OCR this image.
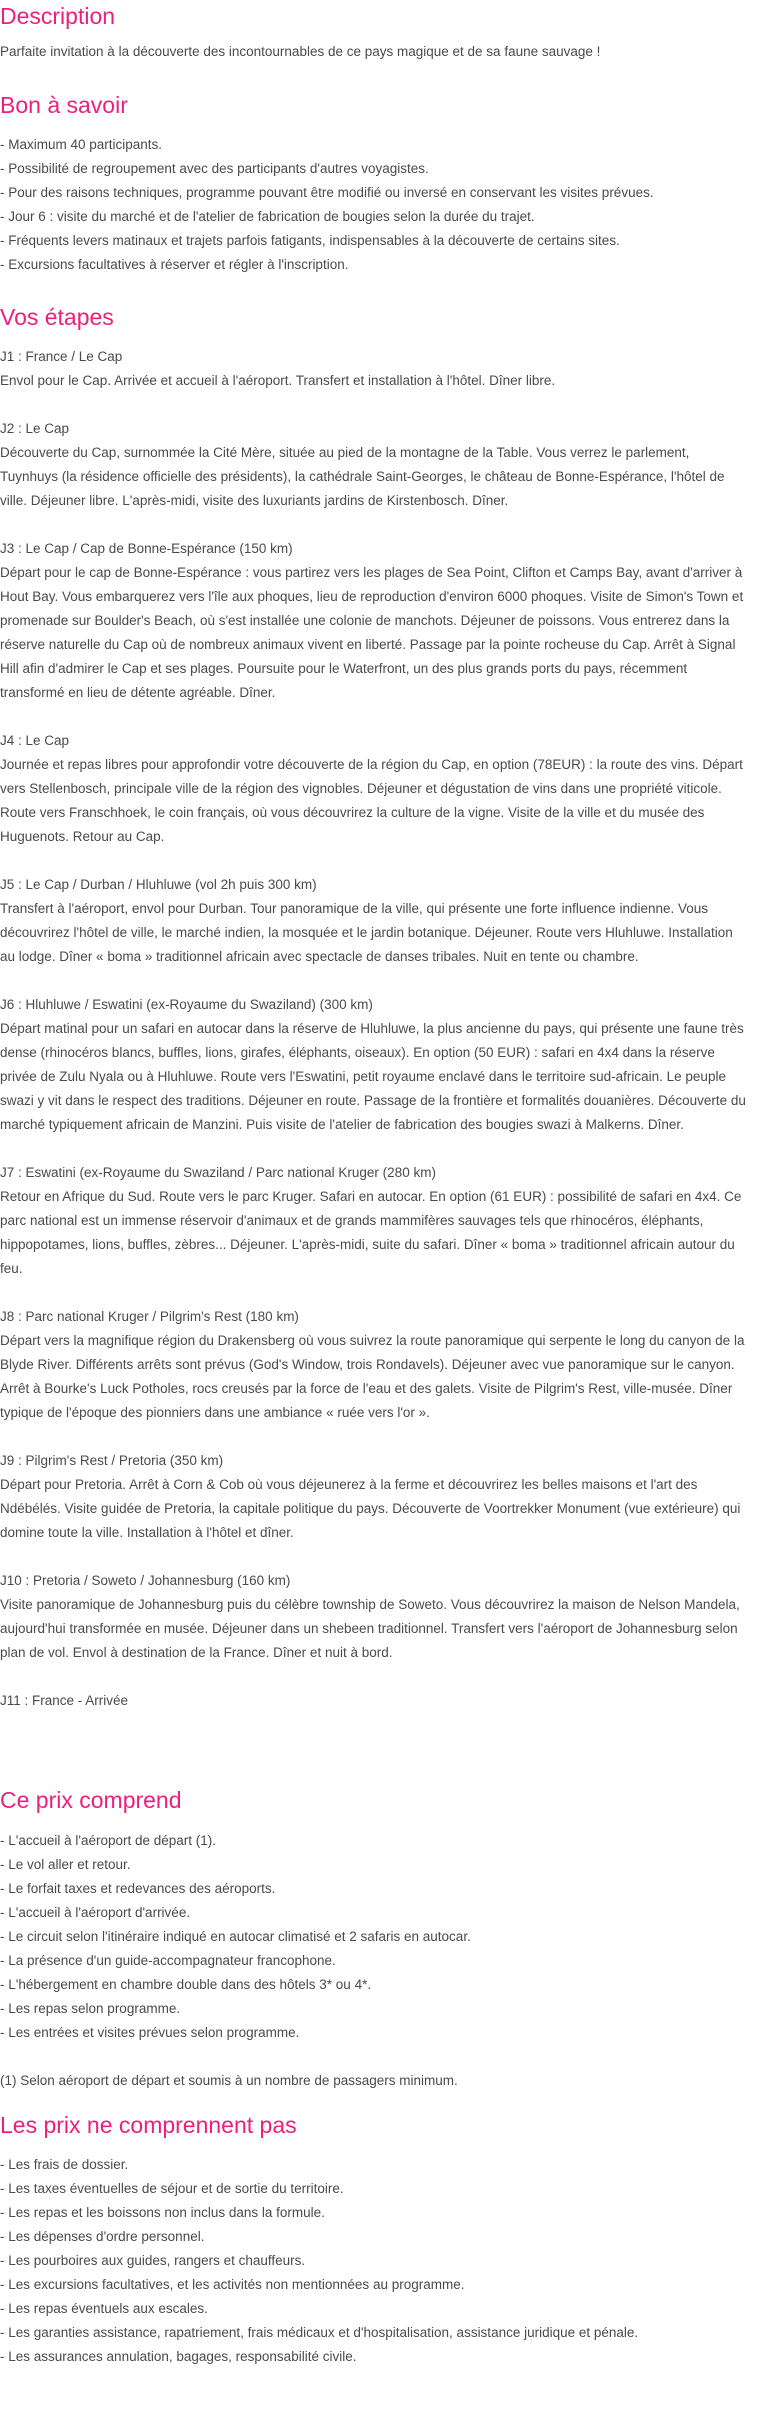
Description

Parfaite invitation à la découverte des incontournables de ce pays magique et de sa faune sauvage !

Bon à savoir
- Maximum 40 participants.
- Possibilité de regroupement avec des participants d'autres voyagistes.
- Pour des raisons techniques, programme pouvant être modifié ou inversé en conservant les visites prévues.
- Jour 6 : visite du marché et de l'atelier de fabrication de bougies selon la durée du trajet.
- Fréquents levers matinaux et trajets parfois fatigants, indispensables à la découverte de certains sites.
- Excursions facultatives à réserver et régler à l'inscription.
Vos étapes
J1 : France / Le Cap

Envol pour le Cap. Arrivée et accueil à l'aéroport. Transfert et installation à l'hôtel. Dîner libre.

J2 : Le Cap

Découverte du Cap, surnommée la Cité Mère, située au pied de la montagne de la Table. Vous verrez le parlement, Tuynhuys (la résidence officielle des présidents), la cathédrale Saint-Georges, le château de Bonne-Espérance, l'hôtel de ville. Déjeuner libre. L'après-midi, visite des luxuriants jardins de Kirstenbosch. Dîner.

J3 : Le Cap / Cap de Bonne-Espérance (150 km)

Départ pour le cap de Bonne-Espérance : vous partirez vers les plages de Sea Point, Clifton et Camps Bay, avant d'arriver à Hout Bay. Vous embarquerez vers l'île aux phoques, lieu de reproduction d'environ 6000 phoques. Visite de Simon's Town et promenade sur Boulder's Beach, où s'est installée une colonie de manchots. Déjeuner de poissons. Vous entrerez dans la réserve naturelle du Cap où de nombreux animaux vivent en liberté. Passage par la pointe rocheuse du Cap. Arrêt à Signal Hill afin d'admirer le Cap et ses plages. Poursuite pour le Waterfront, un des plus grands ports du pays, récemment transformé en lieu de détente agréable. Dîner.

J4 : Le Cap

Journée et repas libres pour approfondir votre découverte de la région du Cap, en option (78EUR) : la route des vins. Départ vers Stellenbosch, principale ville de la région des vignobles. Déjeuner et dégustation de vins dans une propriété viticole. Route vers Franschhoek, le coin français, où vous découvrirez la culture de la vigne. Visite de la ville et du musée des Huguenots. Retour au Cap.

J5 : Le Cap / Durban / Hluhluwe (vol 2h puis 300 km)

Transfert à l'aéroport, envol pour Durban. Tour panoramique de la ville, qui présente une forte influence indienne. Vous découvrirez l'hôtel de ville, le marché indien, la mosquée et le jardin botanique. Déjeuner. Route vers Hluhluwe. Installation au lodge. Dîner « boma » traditionnel africain avec spectacle de danses tribales. Nuit en tente ou chambre.

J6 : Hluhluwe / Eswatini (ex-Royaume du Swaziland) (300 km)

Départ matinal pour un safari en autocar dans la réserve de Hluhluwe, la plus ancienne du pays, qui présente une faune très dense (rhinocéros blancs, buffles, lions, girafes, éléphants, oiseaux). En option (50 EUR) : safari en 4x4 dans la réserve privée de Zulu Nyala ou à Hluhluwe. Route vers l'Eswatini, petit royaume enclavé dans le territoire sud-africain. Le peuple swazi y vit dans le respect des traditions. Déjeuner en route. Passage de la frontière et formalités douanières. Découverte du marché typiquement africain de Manzini. Puis visite de l'atelier de fabrication des bougies swazi à Malkerns. Dîner.

J7 : Eswatini (ex-Royaume du Swaziland / Parc national Kruger (280 km)

Retour en Afrique du Sud. Route vers le parc Kruger. Safari en autocar. En option (61 EUR) : possibilité de safari en 4x4. Ce parc national est un immense réservoir d'animaux et de grands mammifères sauvages tels que rhinocéros, éléphants, hippopotames, lions, buffles, zèbres... Déjeuner. L'après-midi, suite du safari. Dîner « boma » traditionnel africain autour du feu.

J8 : Parc national Kruger / Pilgrim's Rest (180 km)

Départ vers la magnifique région du Drakensberg où vous suivrez la route panoramique qui serpente le long du canyon de la Blyde River. Différents arrêts sont prévus (God's Window, trois Rondavels). Déjeuner avec vue panoramique sur le canyon. Arrêt à Bourke's Luck Potholes, rocs creusés par la force de l'eau et des galets. Visite de Pilgrim's Rest, ville-musée. Dîner typique de l'époque des pionniers dans une ambiance « ruée vers l'or ».

J9 : Pilgrim's Rest / Pretoria (350 km)

Départ pour Pretoria. Arrêt à Corn & Cob où vous déjeunerez à la ferme et découvrirez les belles maisons et l'art des Ndébélés. Visite guidée de Pretoria, la capitale politique du pays. Découverte de Voortrekker Monument (vue extérieure) qui domine toute la ville. Installation à l'hôtel et dîner.

J10 : Pretoria / Soweto / Johannesburg (160 km)

Visite panoramique de Johannesburg puis du célèbre township de Soweto. Vous découvrirez la maison de Nelson Mandela, aujourd'hui transformée en musée. Déjeuner dans un shebeen traditionnel. Transfert vers l'aéroport de Johannesburg selon plan de vol. Envol à destination de la France. Dîner et nuit à bord.

J11 : France - Arrivée
Ce prix comprend
- L'accueil à l'aéroport de départ (1).
- Le vol aller et retour.
- Le forfait taxes et redevances des aéroports.
- L'accueil à l'aéroport d'arrivée.
- Le circuit selon l'itinéraire indiqué en autocar climatisé et 2 safaris en autocar.
- La présence d'un guide-accompagnateur francophone.
- L'hébergement en chambre double dans des hôtels 3* ou 4*.
- Les repas selon programme.
- Les entrées et visites prévues selon programme.

(1) Selon aéroport de départ et soumis à un nombre de passagers minimum.

Les prix ne comprennent pas
- Les frais de dossier.
- Les taxes éventuelles de séjour et de sortie du territoire.
- Les repas et les boissons non inclus dans la formule.
- Les dépenses d'ordre personnel.
- Les pourboires aux guides, rangers et chauffeurs.
- Les excursions facultatives, et les activités non mentionnées au programme.
- Les repas éventuels aux escales.
- Les garanties assistance, rapatriement, frais médicaux et d'hospitalisation, assistance juridique et pénale.
- Les assurances annulation, bagages, responsabilité civile.
